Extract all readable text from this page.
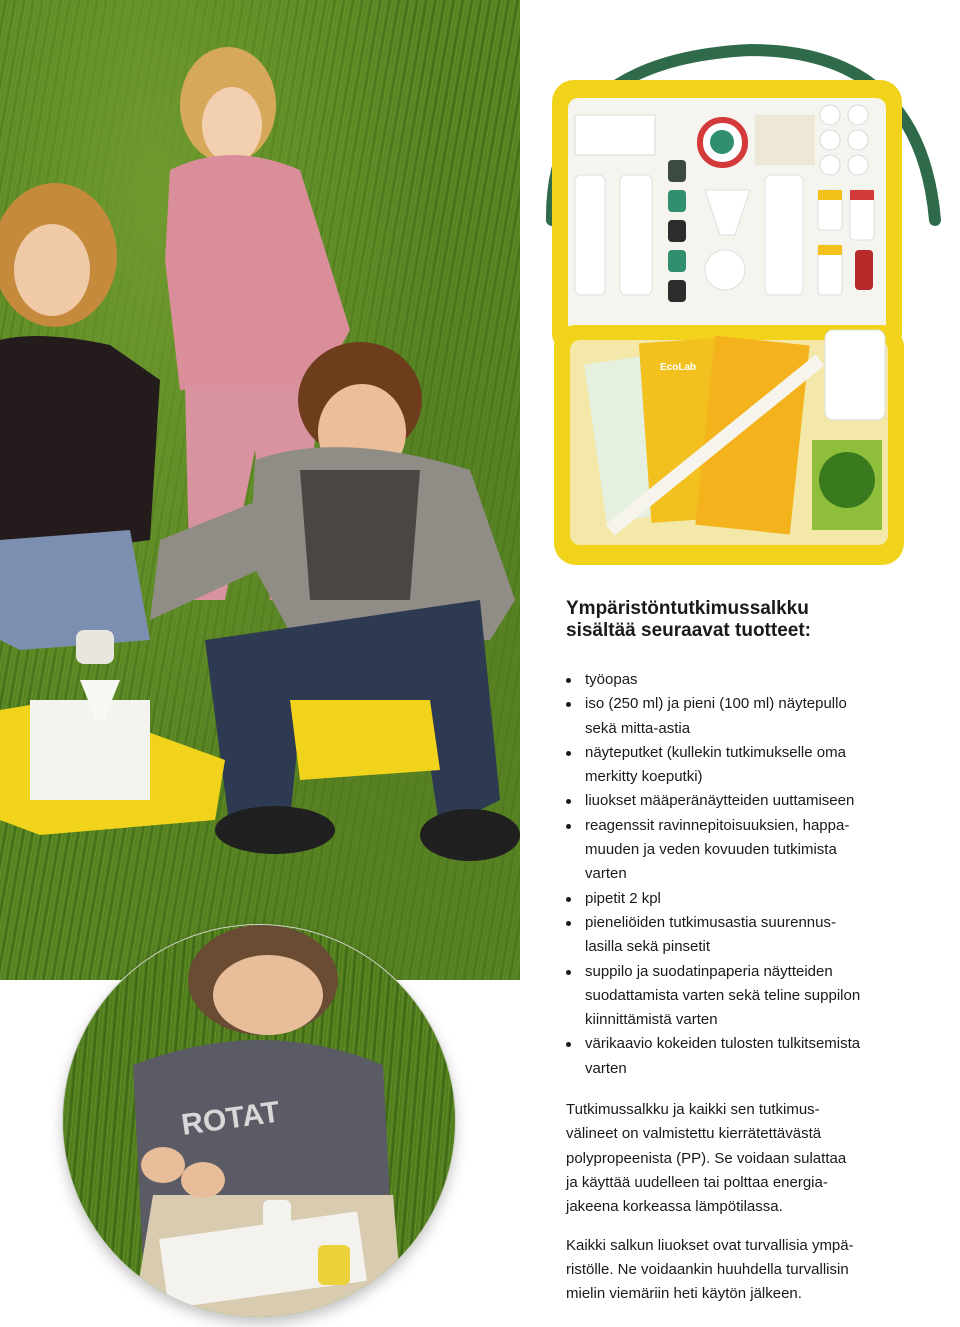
ROTAT
EcoLab
Ympäristöntutkimussalkku
sisältää seuraavat tuotteet:
työopas
iso (250 ml) ja pieni (100 ml) näytepullo
sekä mitta-astia
näyteputket (kullekin tutkimukselle oma
merkitty koeputki)
liuokset määperänäytteiden uuttamiseen
reagenssit ravinnepitoisuuksien, happa-
muuden ja veden kovuuden tutkimista
varten
pipetit 2 kpl
pieneliöiden tutkimusastia suurennus-
lasilla sekä pinsetit
suppilo ja suodatinpaperia näytteiden
suodattamista varten sekä teline suppilon
kiinnittämistä varten
värikaavio kokeiden tulosten tulkitsemista
varten

Tutkimussalkku ja kaikki sen tutkimus-
välineet on valmistettu kierrätettävästä
polypropeenista (PP). Se voidaan sulattaa
ja käyttää uudelleen tai polttaa energia-
jakeena korkeassa lämpötilassa.

Kaikki salkun liuokset ovat turvallisia ympä-
ristölle. Ne voidaankin huuhdella turvallisin
mielin viemäriin heti käytön jälkeen.
